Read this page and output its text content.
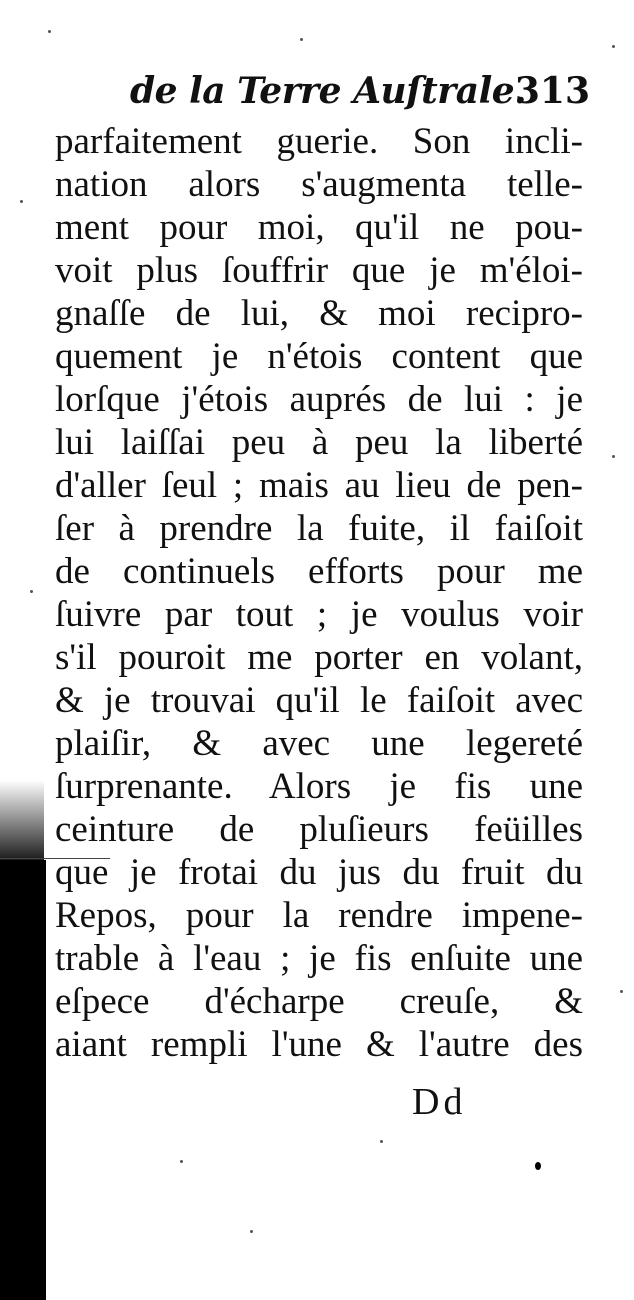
de la Terre Auſtrale.
313
parfaitement guerie. Son incli-
nation alors s'augmenta telle-
ment pour moi, qu'il ne pou-
voit plus ſouffrir que je m'éloi-
gnaſſe de lui, & moi recipro-
quement je n'étois content que
lorſque j'étois auprés de lui : je
lui laiſſai peu à peu la liberté
d'aller ſeul ; mais au lieu de pen-
ſer à prendre la fuite, il faiſoit
de continuels efforts pour me
ſuivre par tout ; je voulus voir
s'il pouroit me porter en volant,
& je trouvai qu'il le faiſoit avec
plaiſir, & avec une legereté
ſurprenante. Alors je fis une
ceinture de pluſieurs feüilles
que je frotai du jus du fruit du
Repos, pour la rendre impene-
trable à l'eau ; je fis enſuite une
eſpece d'écharpe creuſe, &
aiant rempli l'une & l'autre des
Dd
